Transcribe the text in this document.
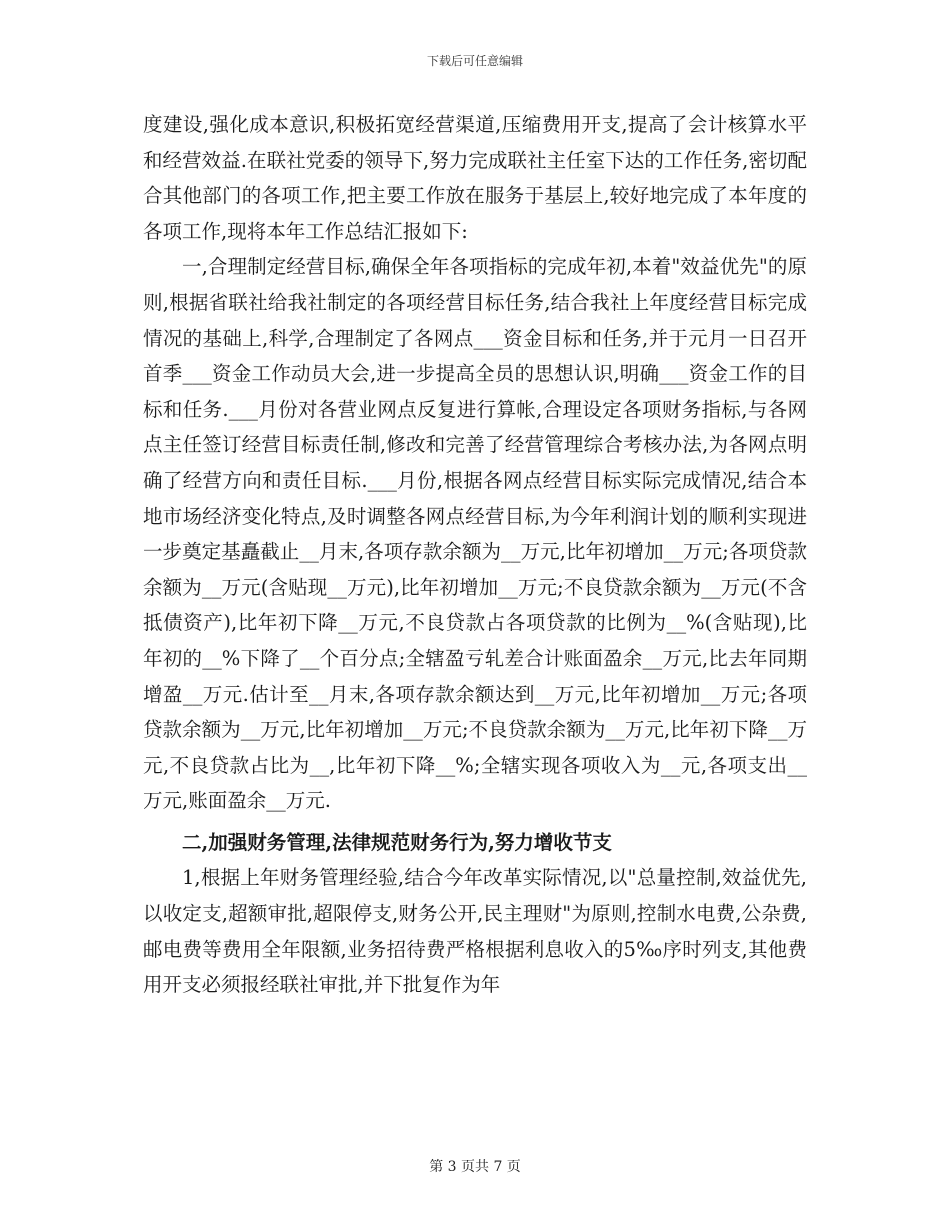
下载后可任意编辑

度建设,强化成本意识,积极拓宽经营渠道,压缩费用开支,提高了会计核算水平和经营效益.在联社党委的领导下,努力完成联社主任室下达的工作任务,密切配合其他部门的各项工作,把主要工作放在服务于基层上,较好地完成了本年度的各项工作,现将本年工作总结汇报如下:

一,合理制定经营目标,确保全年各项指标的完成年初,本着"效益优先"的原则,根据省联社给我社制定的各项经营目标任务,结合我社上年度经营目标完成情况的基础上,科学,合理制定了各网点___资金目标和任务,并于元月一日召开首季___资金工作动员大会,进一步提高全员的思想认识,明确___资金工作的目标和任务.___月份对各营业网点反复进行算帐,合理设定各项财务指标,与各网点主任签订经营目标责任制,修改和完善了经营管理综合考核办法,为各网点明确了经营方向和责任目标.___月份,根据各网点经营目标实际完成情况,结合本地市场经济变化特点,及时调整各网点经营目标,为今年利润计划的顺利实现进一步奠定基矗截止__月末,各项存款余额为__万元,比年初增加__万元;各项贷款余额为__万元(含贴现__万元),比年初增加__万元;不良贷款余额为__万元(不含抵债资产),比年初下降__万元,不良贷款占各项贷款的比例为__%(含贴现),比年初的__%下降了__个百分点;全辖盈亏轧差合计账面盈余__万元,比去年同期增盈__万元.估计至__月末,各项存款余额达到__万元,比年初增加__万元;各项贷款余额为__万元,比年初增加__万元;不良贷款余额为__万元,比年初下降__万元,不良贷款占比为__,比年初下降__%;全辖实现各项收入为__元,各项支出__万元,账面盈余__万元.

二,加强财务管理,法律规范财务行为,努力增收节支

1,根据上年财务管理经验,结合今年改革实际情况,以"总量控制,效益优先,以收定支,超额审批,超限停支,财务公开,民主理财"为原则,控制水电费,公杂费,邮电费等费用全年限额,业务招待费严格根据利息收入的5‰序时列支,其他费用开支必须报经联社审批,并下批复作为年

第 3 页共 7 页
